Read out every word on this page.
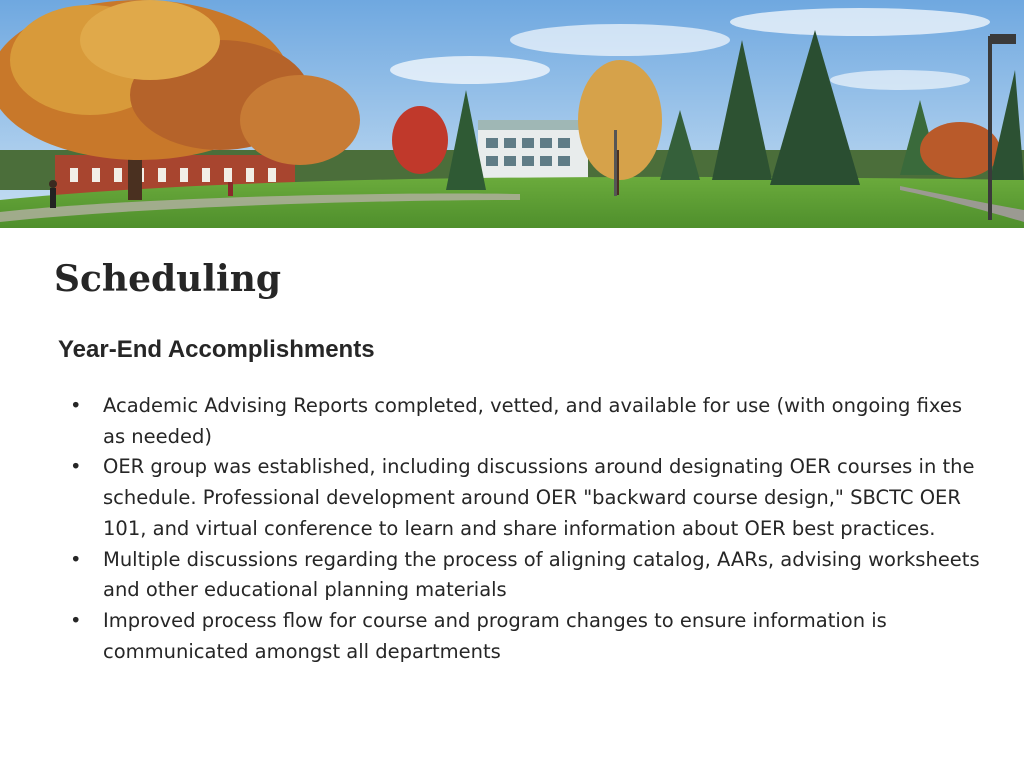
Scheduling
Year-End Accomplishments
• Academic Advising Reports completed, vetted, and available for use (with ongoing fixes as needed)
• OER group was established, including discussions around designating OER courses in the schedule. Professional development around OER "backward course design," SBCTC OER 101, and virtual conference to learn and share information about OER best practices.
• Multiple discussions regarding the process of aligning catalog, AARs, advising worksheets and other educational planning materials
• Improved process flow for course and program changes to ensure information is communicated amongst all departments
